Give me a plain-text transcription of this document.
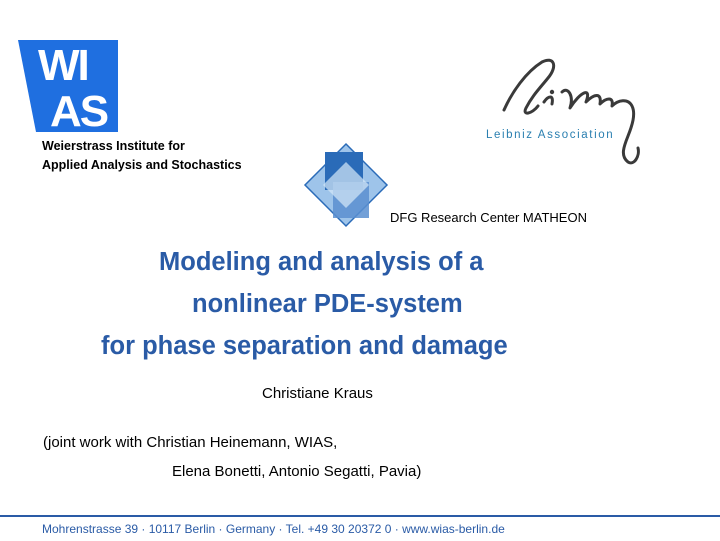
WI
AS
Weierstrass Institute for
Applied Analysis and Stochastics
Leibniz Association
DFG Research Center MATHEON
Modeling and analysis of a
nonlinear PDE-system
for phase separation and damage
Christiane Kraus
(joint work with Christian Heinemann, WIAS,
Elena Bonetti, Antonio Segatti, Pavia)
Mohrenstrasse 39 · 10117 Berlin · Germany · Tel. +49 30 20372 0 · www.wias-berlin.de
